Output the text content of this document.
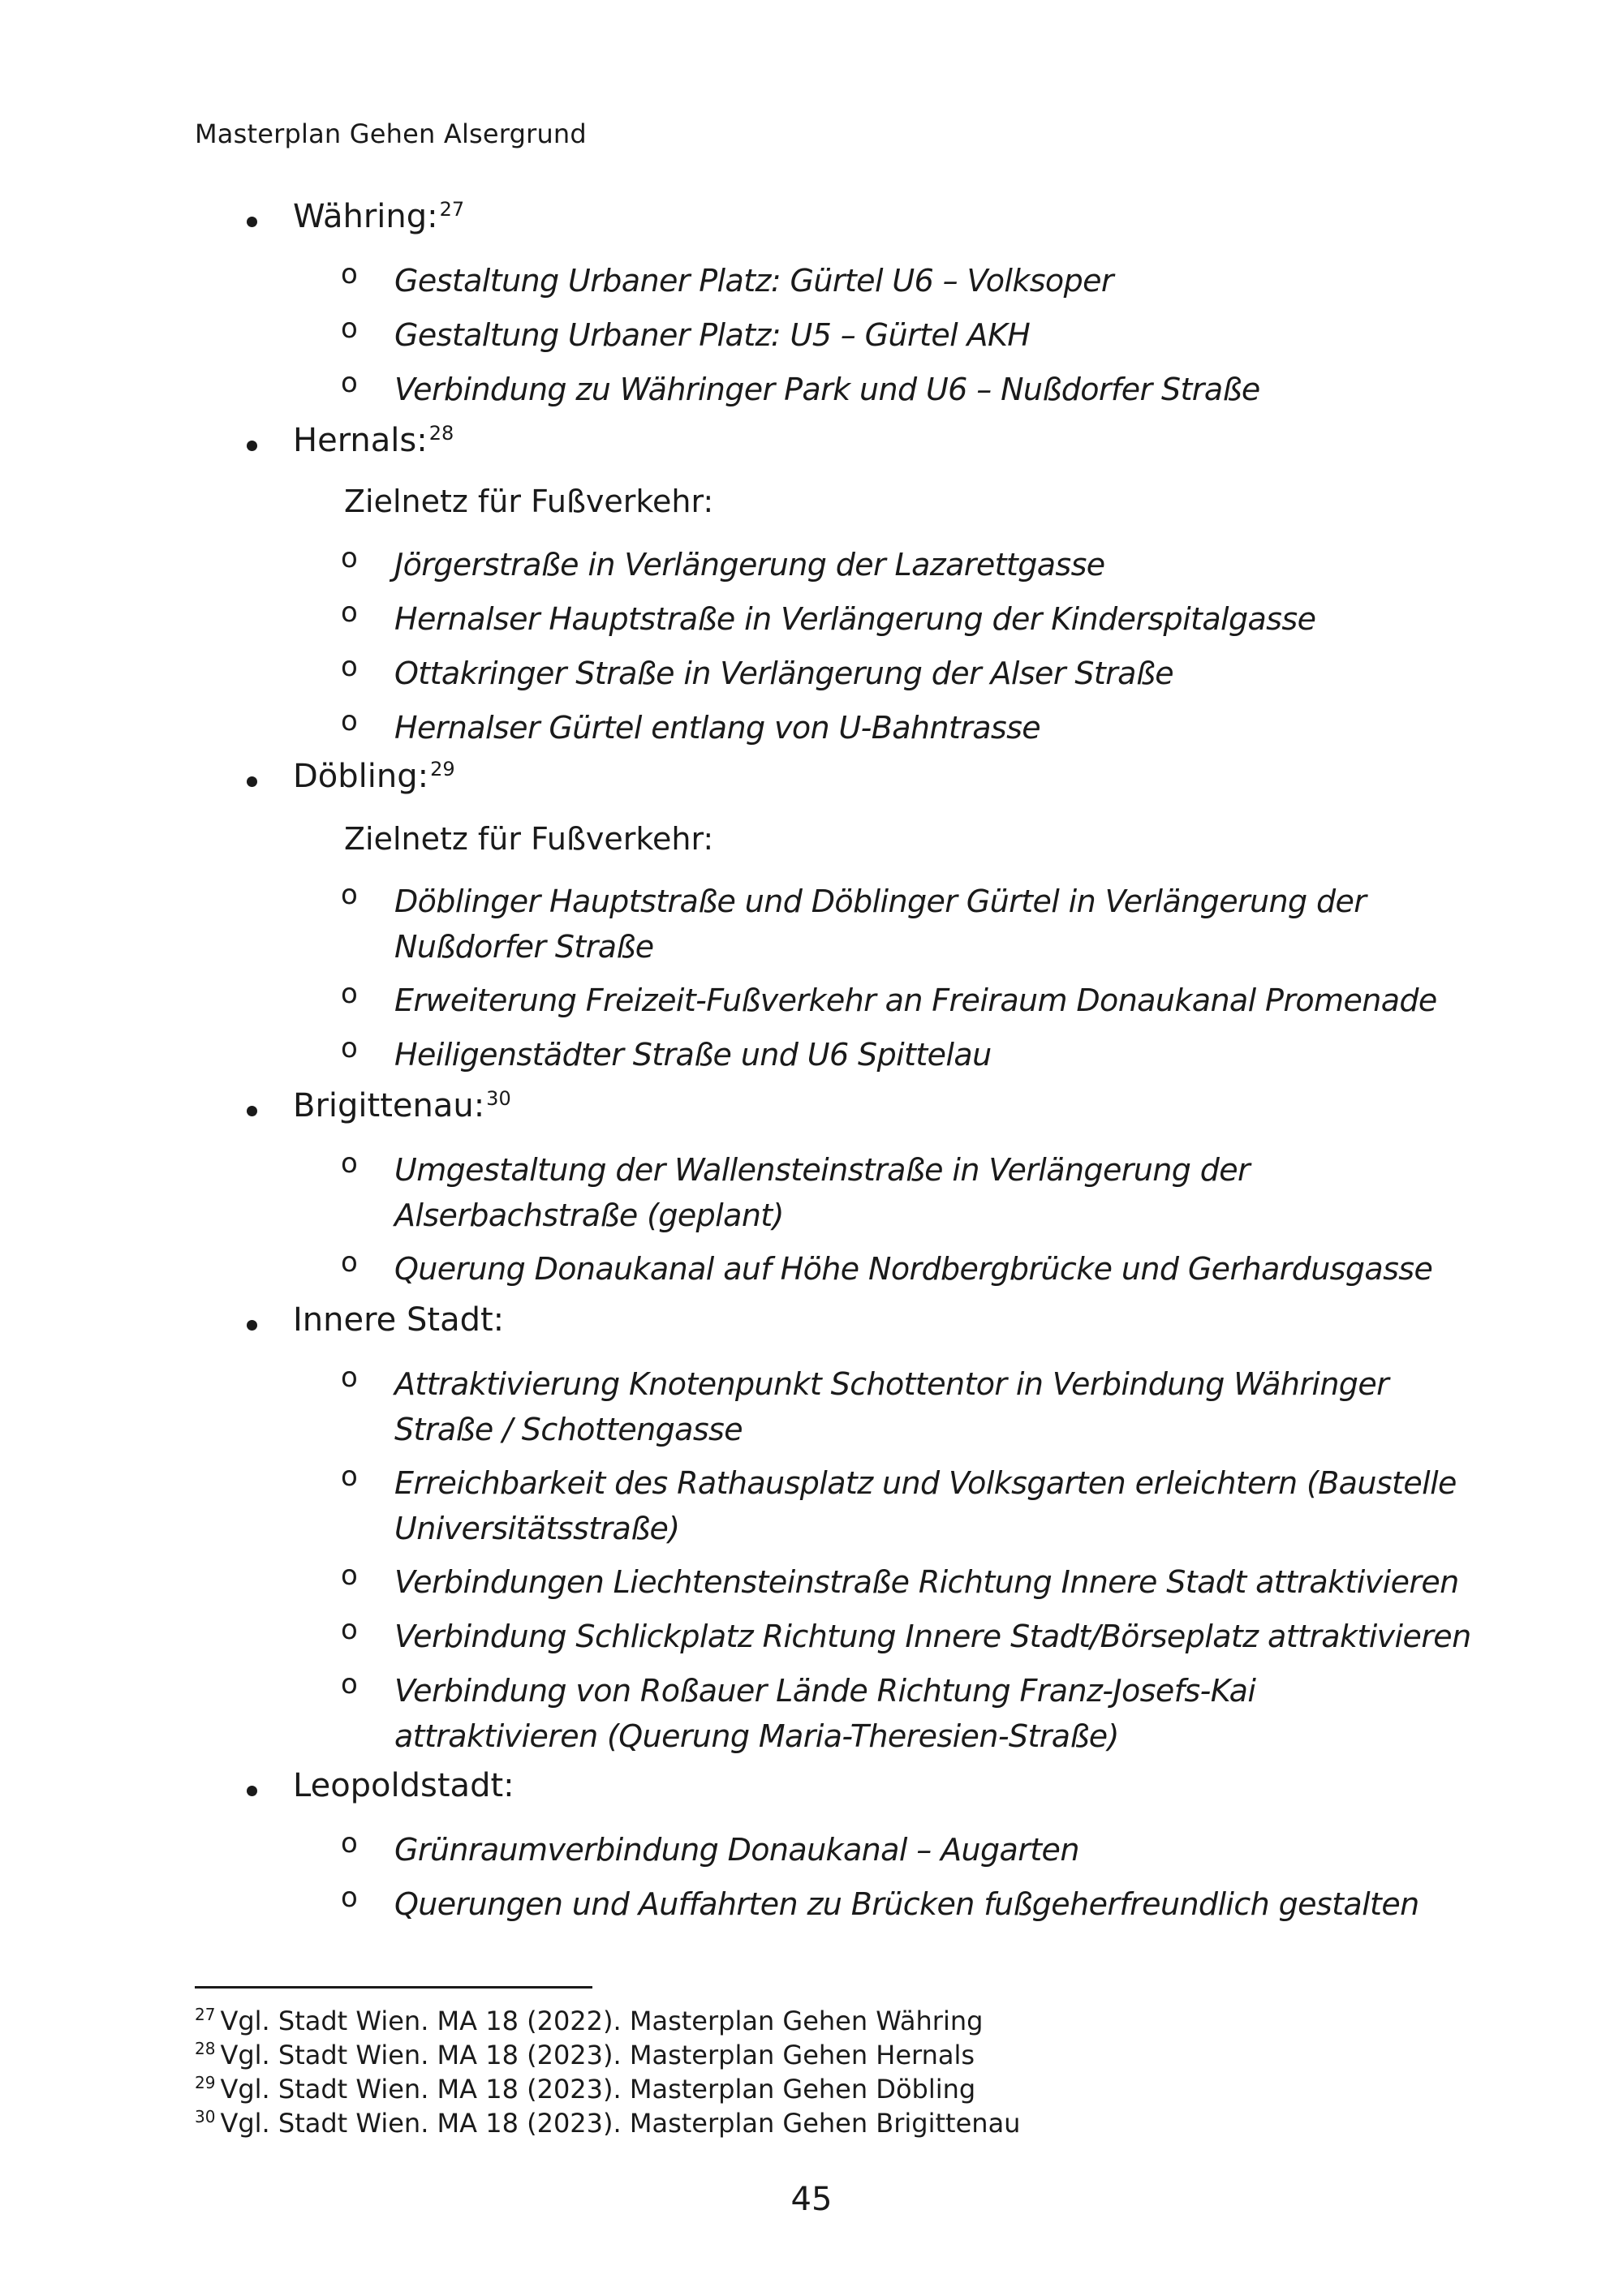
Masterplan Gehen Alsergrund
Währing:$^{27}$
o Gestaltung Urbaner Platz: Gürtel U6 – Volksoper
o Gestaltung Urbaner Platz: U5 – Gürtel AKH
o Verbindung zu Währinger Park und U6 – Nußdorfer Straße
Hernals:$^{28}$
Zielnetz für Fußverkehr:
o Jörgerstraße in Verlängerung der Lazarettgasse
o Hernalser Hauptstraße in Verlängerung der Kinderspitalgasse
o Ottakringer Straße in Verlängerung der Alser Straße
o Hernalser Gürtel entlang von U-Bahntrasse
Döbling:$^{29}$
Zielnetz für Fußverkehr:
o Döblinger Hauptstraße und Döblinger Gürtel in Verlängerung der
Nußdorfer Straße
o Erweiterung Freizeit-Fußverkehr an Freiraum Donaukanal Promenade
o Heiligenstädter Straße und U6 Spittelau
Brigittenau:$^{30}$
o Umgestaltung der Wallensteinstraße in Verlängerung der
Alserbachstraße (geplant)
o Querung Donaukanal auf Höhe Nordbergbrücke und Gerhardusgasse
Innere Stadt:
o Attraktivierung Knotenpunkt Schottentor in Verbindung Währinger
Straße / Schottengasse
o Erreichbarkeit des Rathausplatz und Volksgarten erleichtern (Baustelle
Universitätsstraße)
o Verbindungen Liechtensteinstraße Richtung Innere Stadt attraktivieren
o Verbindung Schlickplatz Richtung Innere Stadt/Börseplatz attraktivieren
o Verbindung von Roßauer Lände Richtung Franz-Josefs-Kai
attraktivieren (Querung Maria-Theresien-Straße)
Leopoldstadt:
o Grünraumverbindung Donaukanal – Augarten
o Querungen und Auffahrten zu Brücken fußgeherfreundlich gestalten
$^{27}$ Vgl. Stadt Wien. MA 18 (2022). Masterplan Gehen Währing
$^{28}$ Vgl. Stadt Wien. MA 18 (2023). Masterplan Gehen Hernals
$^{29}$ Vgl. Stadt Wien. MA 18 (2023). Masterplan Gehen Döbling
$^{30}$ Vgl. Stadt Wien. MA 18 (2023). Masterplan Gehen Brigittenau
45
